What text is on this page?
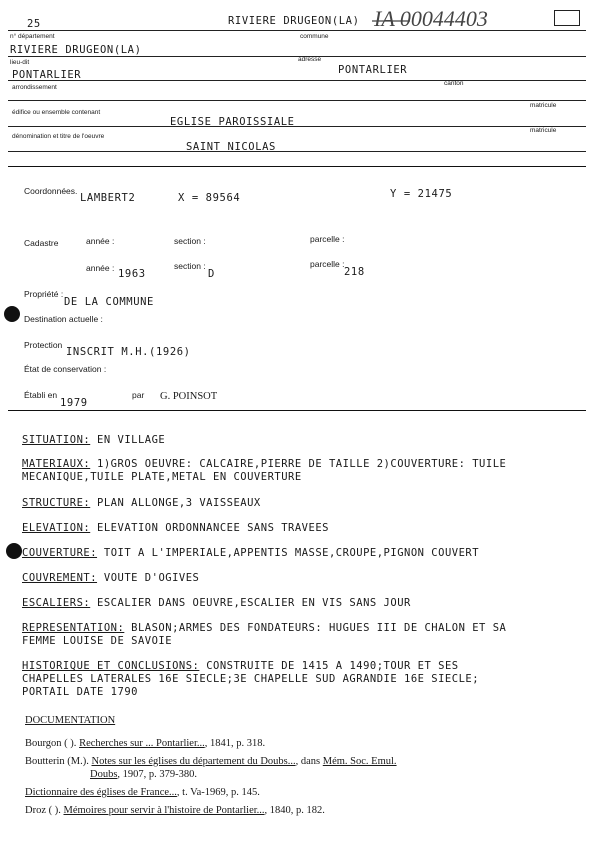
25	RIVIERE DRUGEON(LA) IA 00044403
n° département	commune
RIVIERE DRUGEON(LA)
lieu-dit	adresse
PONTARLIER	PONTARLIER
arrondissement
canton
matricule
édifice ou ensemble contenant
EGLISE PAROISSIALE
matricule
dénomination et titre de l'oeuvre
SAINT NICOLAS
Coordonnées.
LAMBERT2	X = 89564	Y = 21475
Cadastre	année :	section :	parcelle :
année : 1963
section :
D
parcelle :
218
Propriété :
DE LA COMMUNE
Destination actuelle :
Protection
INSCRIT M.H.(1926)
État de conservation :
Établi en
1979
par G. POINSOT
SITUATION: EN VILLAGE
MATERIAUX: 1)GROS OEUVRE: CALCAIRE,PIERRE DE TAILLE 2)COUVERTURE: TUILE
MECANIQUE,TUILE PLATE,METAL EN COUVERTURE
STRUCTURE: PLAN ALLONGE,3 VAISSEAUX
ELEVATION: ELEVATION ORDONNANCEE SANS TRAVEES
COUVERTURE: TOIT A L'IMPERIALE,APPENTIS MASSE,CROUPE,PIGNON COUVERT
COUVREMENT: VOUTE D'OGIVES
ESCALIERS: ESCALIER DANS OEUVRE,ESCALIER EN VIS SANS JOUR
REPRESENTATION: BLASON;ARMES DES FONDATEURS: HUGUES III DE CHALON ET SA
FEMME LOUISE DE SAVOIE
HISTORIQUE ET CONCLUSIONS: CONSTRUITE DE 1415 A 1490;TOUR ET SES
CHAPELLES LATERALES 16E SIECLE;3E CHAPELLE SUD AGRANDIE 16E SIECLE;
PORTAIL DATE 1790
DOCUMENTATION
Bourgon ( ). Recherches sur ... Pontarlier..., 1841, p. 318.
Boutterin (M.). Notes sur les églises du département du Doubs..., dans Mém. Soc. Emul.
Doubs, 1907, p. 379-380.
Dictionnaire des églises de France..., t. Va-1969, p. 145.
Droz ( ). Mémoires pour servir à l'histoire de Pontarlier..., 1840, p. 182.
